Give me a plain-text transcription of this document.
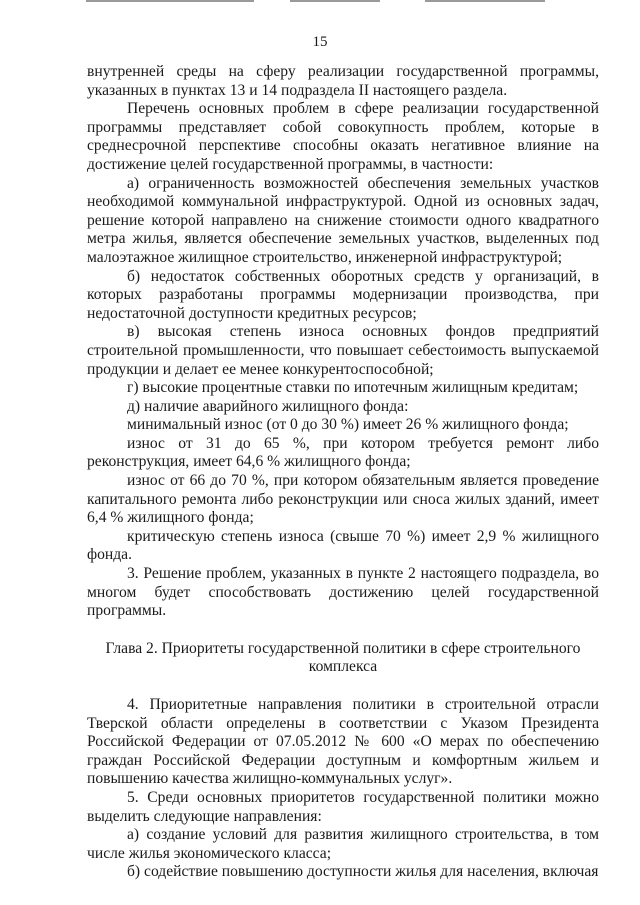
15

внутренней среды на сферу реализации государственной программы, указанных в пунктах 13 и 14 подраздела II настоящего раздела.

Перечень основных проблем в сфере реализации государственной программы представляет собой совокупность проблем, которые в среднесрочной перспективе способны оказать негативное влияние на достижение целей государственной программы, в частности:

а) ограниченность возможностей обеспечения земельных участков необходимой коммунальной инфраструктурой. Одной из основных задач, решение которой направлено на снижение стоимости одного квадратного метра жилья, является обеспечение земельных участков, выделенных под малоэтажное жилищное строительство, инженерной инфраструктурой;

б) недостаток собственных оборотных средств у организаций, в которых разработаны программы модернизации производства, при недостаточной доступности кредитных ресурсов;

в) высокая степень износа основных фондов предприятий строительной промышленности, что повышает себестоимость выпускаемой продукции и делает ее менее конкурентоспособной;

г) высокие процентные ставки по ипотечным жилищным кредитам;

д) наличие аварийного жилищного фонда:

минимальный износ (от 0 до 30 %) имеет 26 % жилищного фонда;

износ от 31 до 65 %, при котором требуется ремонт либо реконструкция, имеет 64,6 % жилищного фонда;

износ от 66 до 70 %, при котором обязательным является проведение капитального ремонта либо реконструкции или сноса жилых зданий, имеет 6,4 % жилищного фонда;

критическую степень износа (свыше 70 %) имеет 2,9 % жилищного фонда.

3. Решение проблем, указанных в пункте 2 настоящего подраздела, во многом будет способствовать достижению целей государственной программы.

Глава 2. Приоритеты государственной политики в сфере строительного комплекса

4. Приоритетные направления политики в строительной отрасли Тверской области определены в соответствии с Указом Президента Российской Федерации от 07.05.2012 № 600 «О мерах по обеспечению граждан Российской Федерации доступным и комфортным жильем и повышению качества жилищно-коммунальных услуг».

5. Среди основных приоритетов государственной политики можно выделить следующие направления:

а) создание условий для развития жилищного строительства, в том числе жилья экономического класса;

б) содействие повышению доступности жилья для населения, включая
